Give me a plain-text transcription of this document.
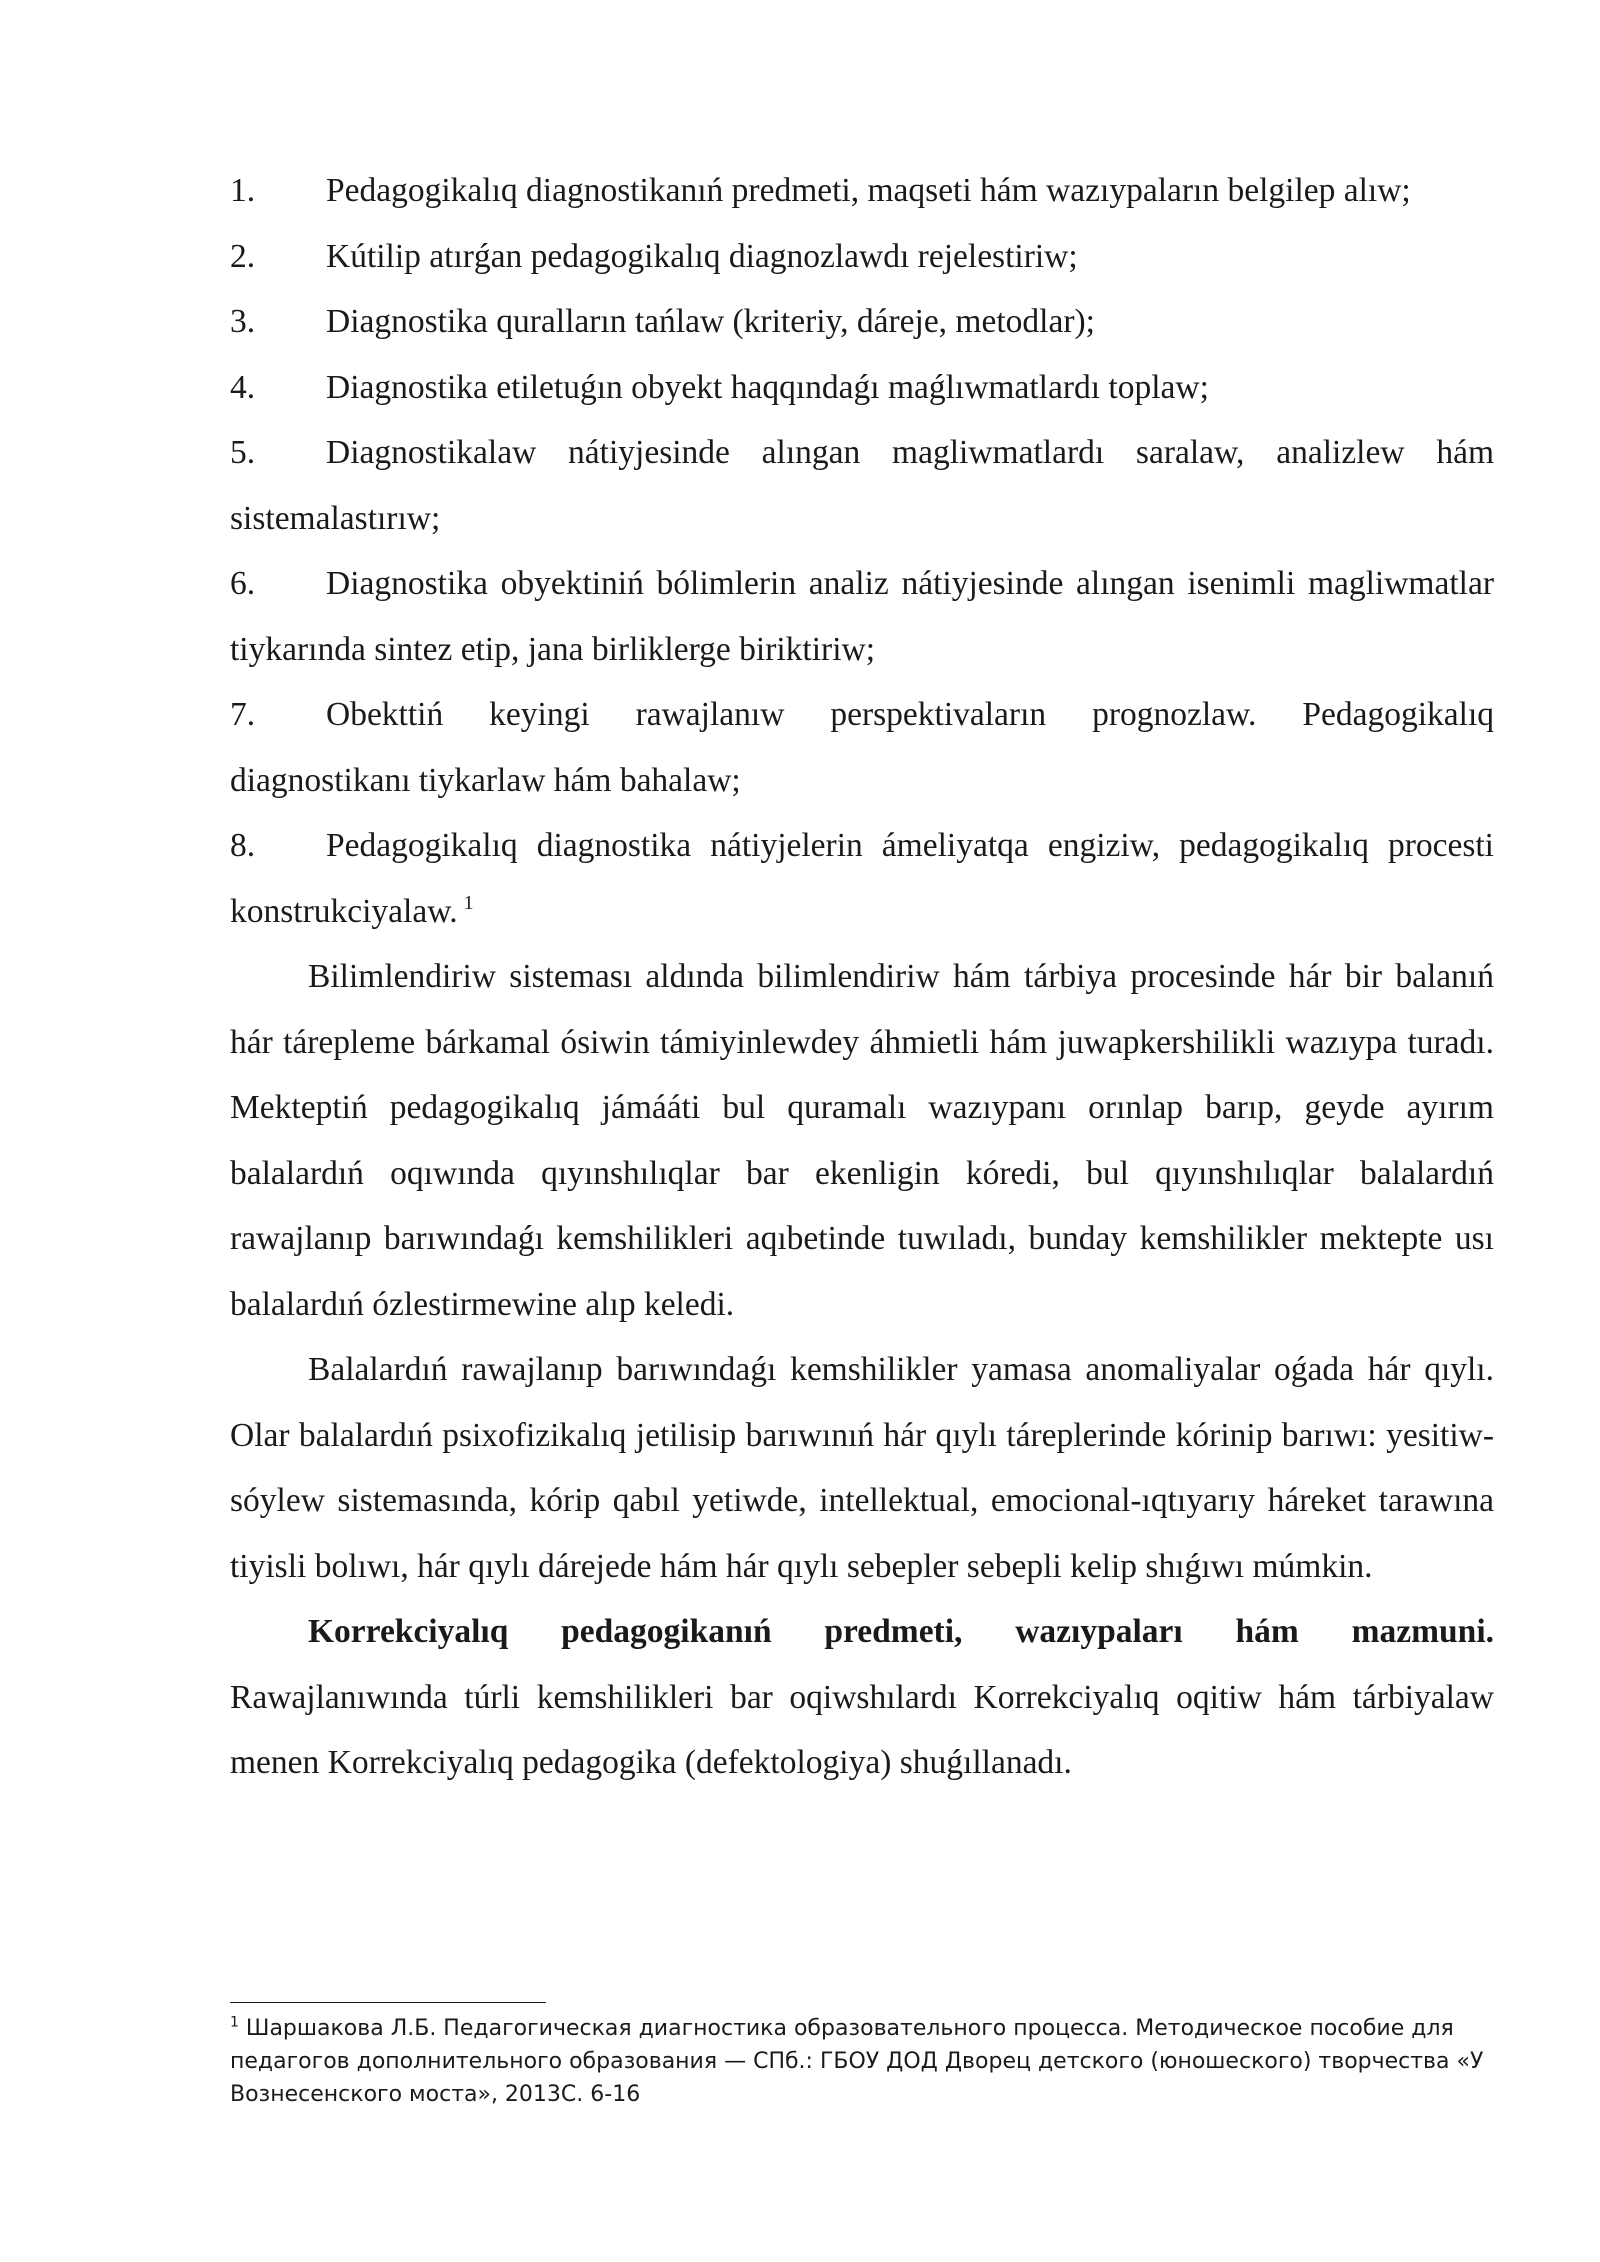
1. Pedagogikalıq diagnostikanıń predmeti, maqseti hám wazıypaların belgilep alıw;
2. Kútilip atırǵan pedagogikalıq diagnozlawdı rejelestiriw;
3. Diagnostika quralların tańlaw (kriteriy, dáreje, metodlar);
4. Diagnostika etiletuǵın obyekt haqqındaǵı maǵlıwmatlardı toplaw;
5. Diagnostikalaw nátiyjesinde alıngan magliwmatlardı saralaw, analizlew hám sistemalastırıw;
6. Diagnostika obyektiniń bólimlerin analiz nátiyjesinde alıngan isenimli magliwmatlar tiykarında sintez etip, jana birliklerge biriktiriw;
7. Obekttiń keyingi rawajlanıw perspektivaların prognozlaw. Pedagogikalıq diagnostikanı tiykarlaw hám bahalaw;
8. Pedagogikalıq diagnostika nátiyjelerin ámeliyatqa engiziw, pedagogikalıq procesti konstrukciyalaw. $^1$

Bilimlendiriw sisteması aldında bilimlendiriw hám tárbiya procesinde hár bir balanıń hár tárepleme bárkamal ósiwin támiyinlewdey áhmietli hám juwapkershilikli wazıypa turadı. Mekteptiń pedagogikalıq jámááti bul quramalı wazıypanı orınlap barıp, geyde ayırım balalardıń oqıwında qıyınshılıqlar bar ekenligin kóredi, bul qıyınshılıqlar balalardıń rawajlanıp barıwındaǵı kemshilikleri aqıbetinde tuwıladı, bunday kemshilikler mektepte usı balalardıń ózlestirmewine alıp keledi.

Balalardıń rawajlanıp barıwındaǵı kemshilikler yamasa anomaliyalar oǵada hár qıylı. Olar balalardıń psixofizikalıq jetilisip barıwınıń hár qıylı táreplerinde kórinip barıwı: yesitiw-sóylew sistemasında, kórip qabıl yetiwde, intellektual, emocional-ıqtıyarıy háreket tarawına tiyisli bolıwı, hár qıylı dárejede hám hár qıylı sebepler sebepli kelip shıǵıwı múmkin.

Korrekciyalıq pedagogikanıń predmeti, wazıypaları hám mazmuni. Rawajlanıwında túrli kemshilikleri bar oqiwshılardı Korrekciyalıq oqitiw hám tárbiyalaw menen Korrekciyalıq pedagogika (defektologiya) shuǵıllanadı.

$^1$ Шаршакова Л.Б. Педагогическая диагностика образовательного процесса. Методическое пособие для педагогов дополнительного образования — СПб.: ГБОУ ДОД Дворец детского (юношеского) творчества «У Вознесенского моста», 2013С. 6-16
